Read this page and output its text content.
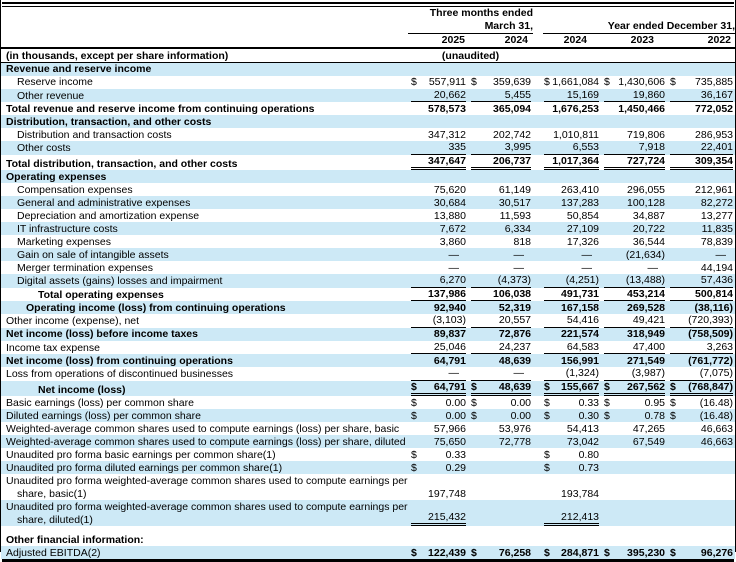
	Three months ended				

	March 31,		Year ended December 31,		

	2025	2024	2024	2023	2022
(in thousands, except per share information)	(unaudited)				
Revenue and reserve income	

Reserve income	$ 557,911	$ 359,639	$ 1,661,084	$ 1,430,606	$ 735,885

Other revenue	20,662	5,455	15,169	19,860	36,167

Total revenue and reserve income from continuing operations	578,573	365,094	1,676,253	1,450,466	772,052

Distribution, transaction, and other costs	

Distribution and transaction costs	347,312	202,742	1,010,811	719,806	286,953

Other costs	335	3,995	6,553	7,918	22,401

Total distribution, transaction, and other costs	347,647	206,737	1,017,364	727,724	309,354

Operating expenses	

Compensation expenses	75,620	61,149	263,410	296,055	212,961

General and administrative expenses	30,684	30,517	137,283	100,128	82,272

Depreciation and amortization expense	13,880	11,593	50,854	34,887	13,277

IT infrastructure costs	7,672	6,334	27,109	20,722	11,835

Marketing expenses	3,860	818	17,326	36,544	78,839

Gain on sale of intangible assets	—	—	—	(21,634)	—

Merger termination expenses	—	—	—	—	44,194

Digital assets (gains) losses and impairment	6,270	(4,373)	(4,251)	(13,488)	57,436

Total operating expenses	137,986	106,038	491,731	453,214	500,814

Operating income (loss) from continuing operations	92,940	52,319	167,158	269,528	(38,116)

Other income (expense), net	(3,103)	20,557	54,416	49,421	(720,393)

Net income (loss) before income taxes	89,837	72,876	221,574	318,949	(758,509)

Income tax expense	25,046	24,237	64,583	47,400	3,263

Net income (loss) from continuing operations	64,791	48,639	156,991	271,549	(761,772)

Loss from operations of discontinued businesses	—	—	(1,324)	(3,987)	(7,075)

Net income (loss)	$ 64,791	$ 48,639	$ 155,667	$ 267,562	$ (768,847)

Basic earnings (loss) per common share	$ 0.00	$ 0.00	$ 0.33	$ 0.95	$ (16.48)

Diluted earnings (loss) per common share	$ 0.00	$ 0.00	$ 0.30	$ 0.78	$ (16.48)

Weighted-average common shares used to compute earnings (loss) per share, basic	57,966	53,976	54,413	47,265	46,663

Weighted-average common shares used to compute earnings (loss) per share, diluted	75,650	72,778	73,042	67,549	46,663

Unaudited pro forma basic earnings per common share(1)	$ 0.33		$ 0.80		

Unaudited pro forma diluted earnings per common share(1)	$ 0.29		$ 0.73		

Unaudited pro forma weighted-average common shares used to compute earnings per share, basic(1)	197,748		193,784		

Unaudited pro forma weighted-average common shares used to compute earnings per share, diluted(1)	215,432		212,413		

Other financial information:	

Adjusted EBITDA(2)	$ 122,439	$ 76,258	$ 284,871	$ 395,230	$ 96,276
